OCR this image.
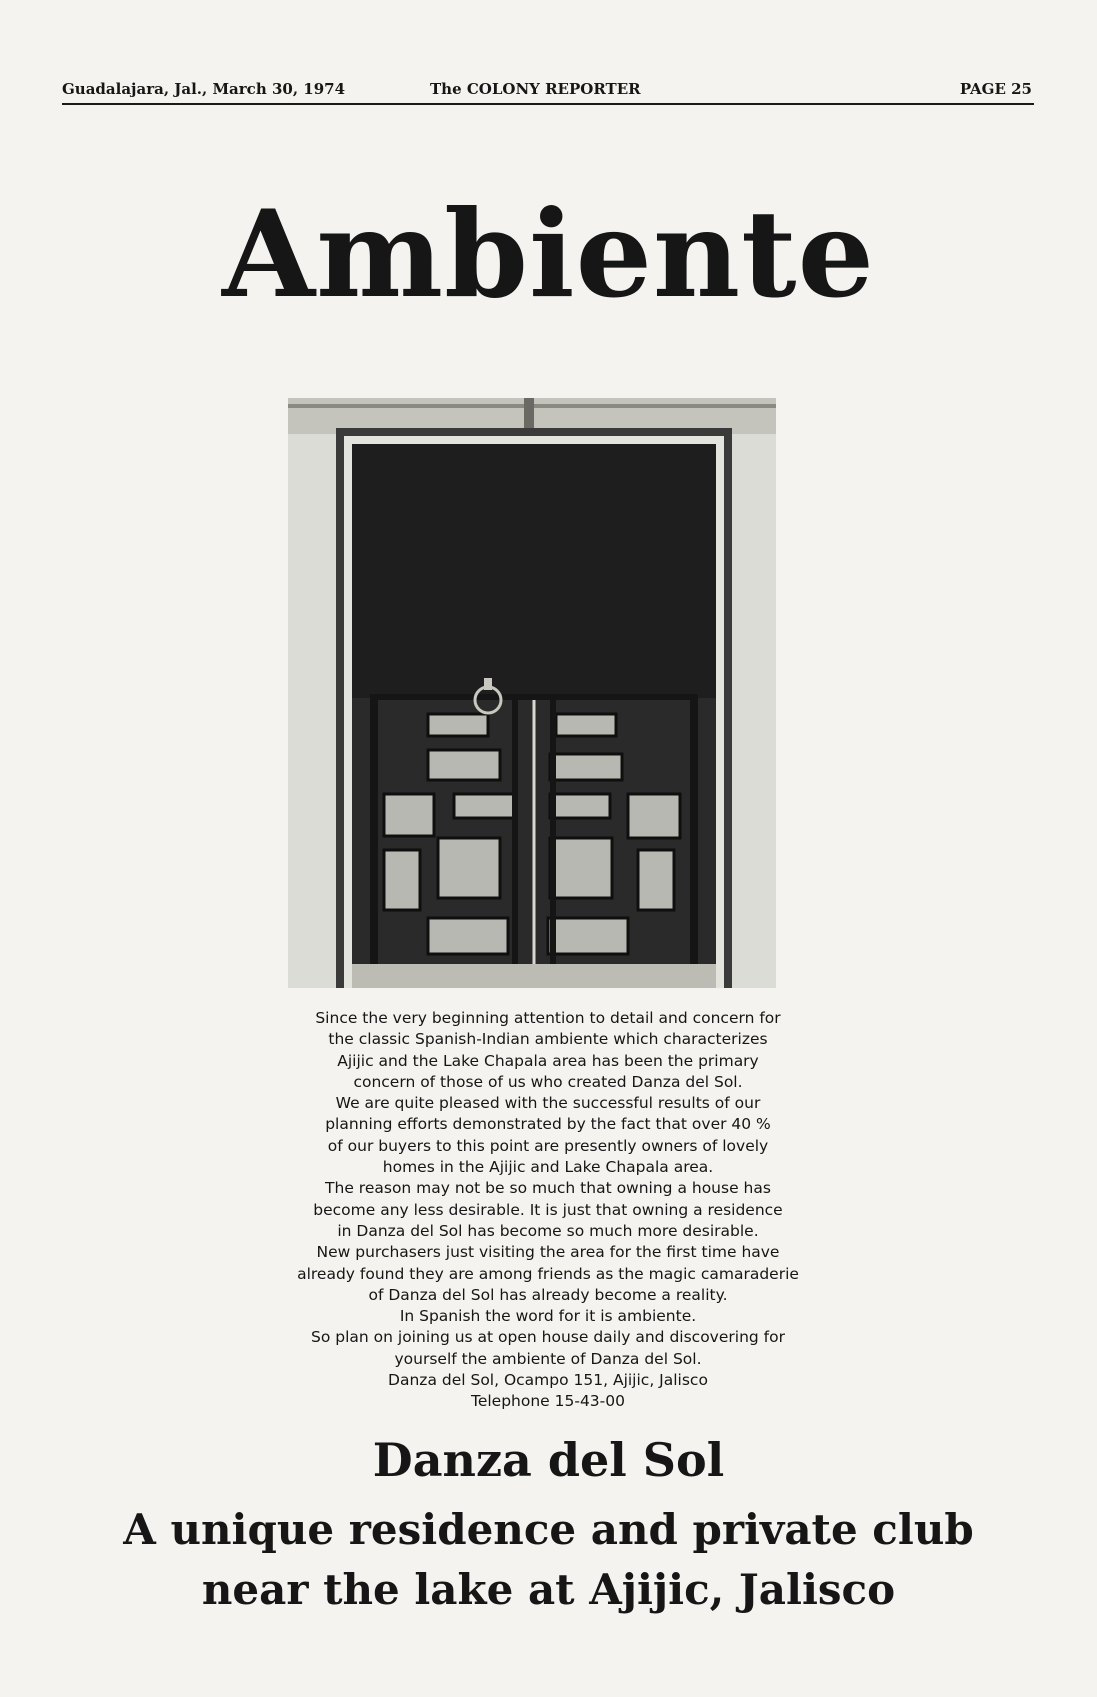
Guadalajara, Jal., March 30, 1974	The COLONY REPORTER	PAGE 25
Ambiente
Since the very beginning attention to detail and concern for
the classic Spanish-Indian ambiente which characterizes
Ajijic and the Lake Chapala area has been the primary
concern of those of us who created Danza del Sol.
We are quite pleased with the successful results of our
planning efforts demonstrated by the fact that over 40 %
of our buyers to this point are presently owners of lovely
homes in the Ajijic and Lake Chapala area.
The reason may not be so much that owning a house has
become any less desirable. It is just that owning a residence
in Danza del Sol has become so much more desirable.
New purchasers just visiting the area for the first time have
already found they are among friends as the magic camaraderie
of Danza del Sol has already become a reality.
In Spanish the word for it is ambiente.
So plan on joining us at open house daily and discovering for
yourself the ambiente of Danza del Sol.
Danza del Sol, Ocampo 151, Ajijic, Jalisco
Telephone 15-43-00
Danza del Sol
A unique residence and private club
near the lake at Ajijic, Jalisco
